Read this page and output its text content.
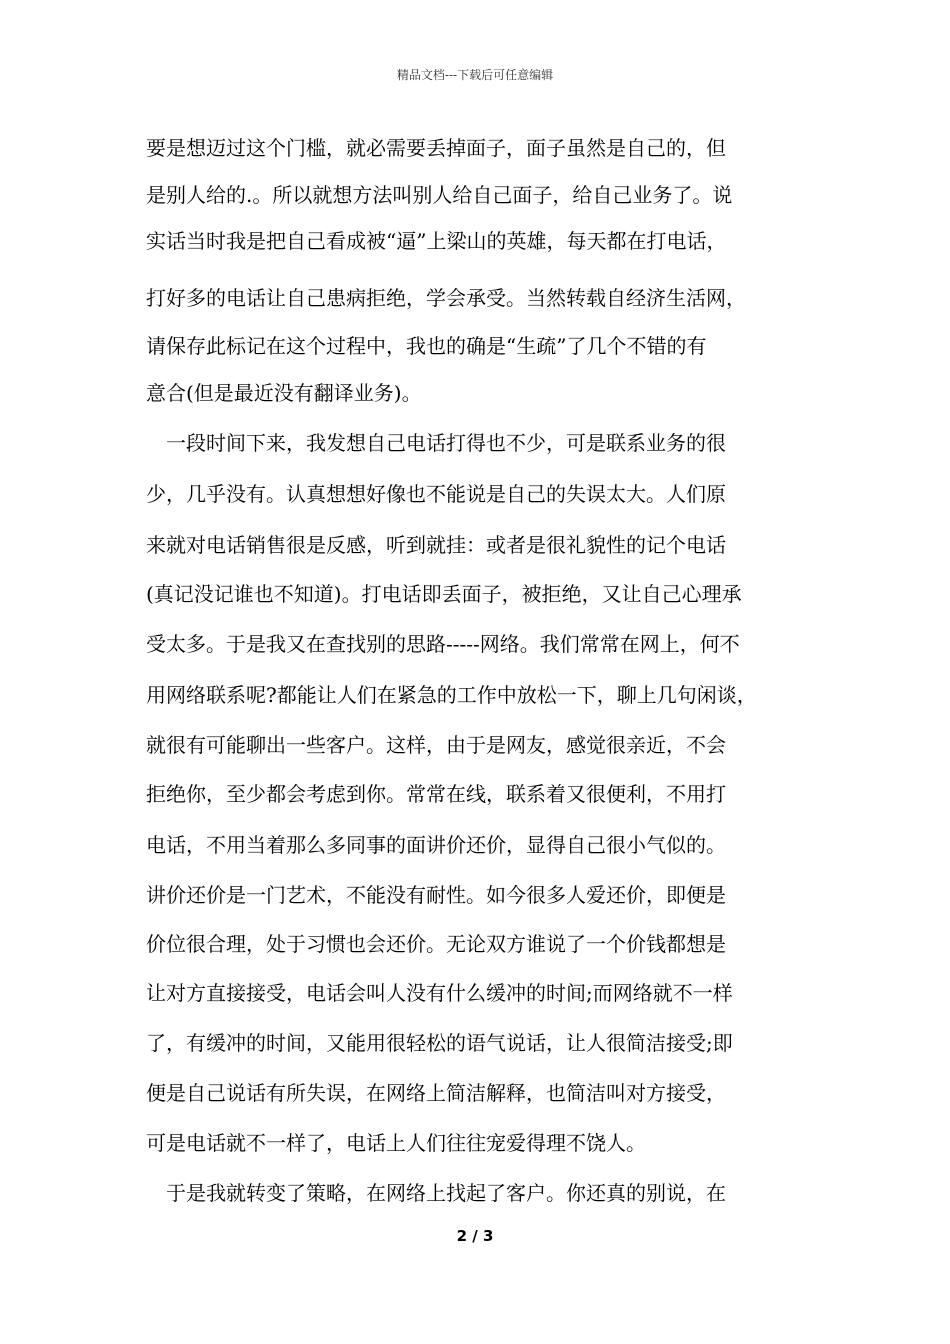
精品文档---下载后可任意编辑
要是想迈过这个门槛，就必需要丢掉面子，面子虽然是自己的，但
是别人给的.。所以就想方法叫别人给自己面子，给自己业务了。说
实话当时我是把自己看成被“逼”上梁山的英雄，每天都在打电话，
打好多的电话让自己患病拒绝，学会承受。当然转载自经济生活网，
请保存此标记在这个过程中，我也的确是“生疏”了几个不错的有
意合(但是最近没有翻译业务)。
一段时间下来，我发想自己电话打得也不少，可是联系业务的很
少，几乎没有。认真想想好像也不能说是自己的失误太大。人们原
来就对电话销售很是反感，听到就挂：或者是很礼貌性的记个电话
(真记没记谁也不知道)。打电话即丢面子，被拒绝，又让自己心理承
受太多。于是我又在查找别的思路-----网络。我们常常在网上，何不
用网络联系呢?都能让人们在紧急的工作中放松一下，聊上几句闲谈，
就很有可能聊出一些客户。这样，由于是网友，感觉很亲近，不会
拒绝你，至少都会考虑到你。常常在线，联系着又很便利，不用打
电话，不用当着那么多同事的面讲价还价，显得自己很小气似的。
讲价还价是一门艺术，不能没有耐性。如今很多人爱还价，即便是
价位很合理，处于习惯也会还价。无论双方谁说了一个价钱都想是
让对方直接接受，电话会叫人没有什么缓冲的时间;而网络就不一样
了，有缓冲的时间，又能用很轻松的语气说话，让人很简洁接受;即
便是自己说话有所失误，在网络上简洁解释，也简洁叫对方接受，
可是电话就不一样了，电话上人们往往宠爱得理不饶人。
于是我就转变了策略，在网络上找起了客户。你还真的别说，在
2 / 3
